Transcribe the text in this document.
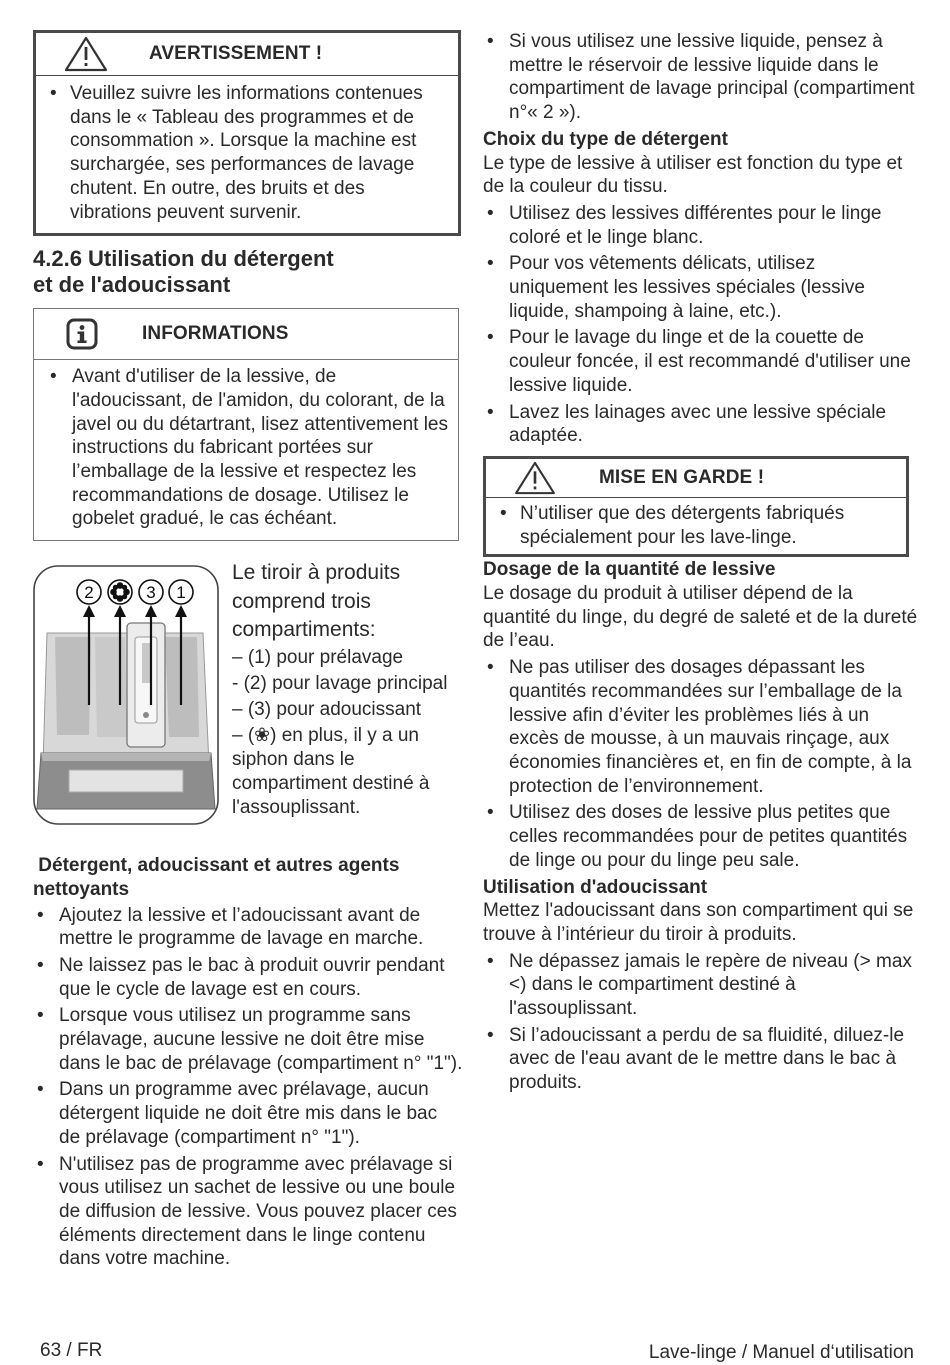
AVERTISSEMENT !
• Veuillez suivre les informations contenues dans le « Tableau des programmes et de consommation ». Lorsque la machine est surchargée, ses performances de lavage chutent. En outre, des bruits et des vibrations peuvent survenir.
4.2.6 Utilisation du détergent
et de l'adoucissant
INFORMATIONS
• Avant d'utiliser de la lessive, de l'adoucissant, de l'amidon, du colorant, de la javel ou du détartrant, lisez attentivement les instructions du fabricant portées sur l’emballage de la lessive et respectez les recommandations de dosage. Utilisez le gobelet gradué, le cas échéant.
2	3 1
Le tiroir à produits comprend trois compartiments:
– (1) pour prélavage
- (2) pour lavage principal
– (3) pour adoucissant
– (❀) en plus, il y a un siphon dans le compartiment destiné à l'assouplissant.
Détergent, adoucissant et autres agents nettoyants
• Ajoutez la lessive et l’adoucissant avant de mettre le programme de lavage en marche.
• Ne laissez pas le bac à produit ouvrir pendant que le cycle de lavage est en cours.
• Lorsque vous utilisez un programme sans prélavage, aucune lessive ne doit être mise dans le bac de prélavage (compartiment n° "1").
• Dans un programme avec prélavage, aucun détergent liquide ne doit être mis dans le bac de prélavage (compartiment n° "1").
• N'utilisez pas de programme avec prélavage si vous utilisez un sachet de lessive ou une boule de diffusion de lessive. Vous pouvez placer ces éléments directement dans le linge contenu dans votre machine.
• Si vous utilisez une lessive liquide, pensez à mettre le réservoir de lessive liquide dans le compartiment de lavage principal (compartiment n°« 2 »).
Choix du type de détergent

Le type de lessive à utiliser est fonction du type et de la couleur du tissu.

• Utilisez des lessives différentes pour le linge coloré et le linge blanc.
• Pour vos vêtements délicats, utilisez uniquement les lessives spéciales (lessive liquide, shampoing à laine, etc.).
• Pour le lavage du linge et de la couette de couleur foncée, il est recommandé d'utiliser une lessive liquide.
• Lavez les lainages avec une lessive spéciale adaptée.
MISE EN GARDE !
• N’utiliser que des détergents fabriqués spécialement pour les lave-linge.
Dosage de la quantité de lessive

Le dosage du produit à utiliser dépend de la quantité du linge, du degré de saleté et de la dureté de l’eau.

• Ne pas utiliser des dosages dépassant les quantités recommandées sur l’emballage de la lessive afin d’éviter les problèmes liés à un excès de mousse, à un mauvais rinçage, aux économies financières et, en fin de compte, à la protection de l’environnement.
• Utilisez des doses de lessive plus petites que celles recommandées pour de petites quantités de linge ou pour du linge peu sale.
Utilisation d'adoucissant

Mettez l'adoucissant dans son compartiment qui se trouve à l’intérieur du tiroir à produits.

• Ne dépassez jamais le repère de niveau (> max <) dans le compartiment destiné à l'assouplissant.
• Si l’adoucissant a perdu de sa fluidité, diluez-le avec de l'eau avant de le mettre dans le bac à produits.
63 / FR	Lave-linge / Manuel d‘utilisation
